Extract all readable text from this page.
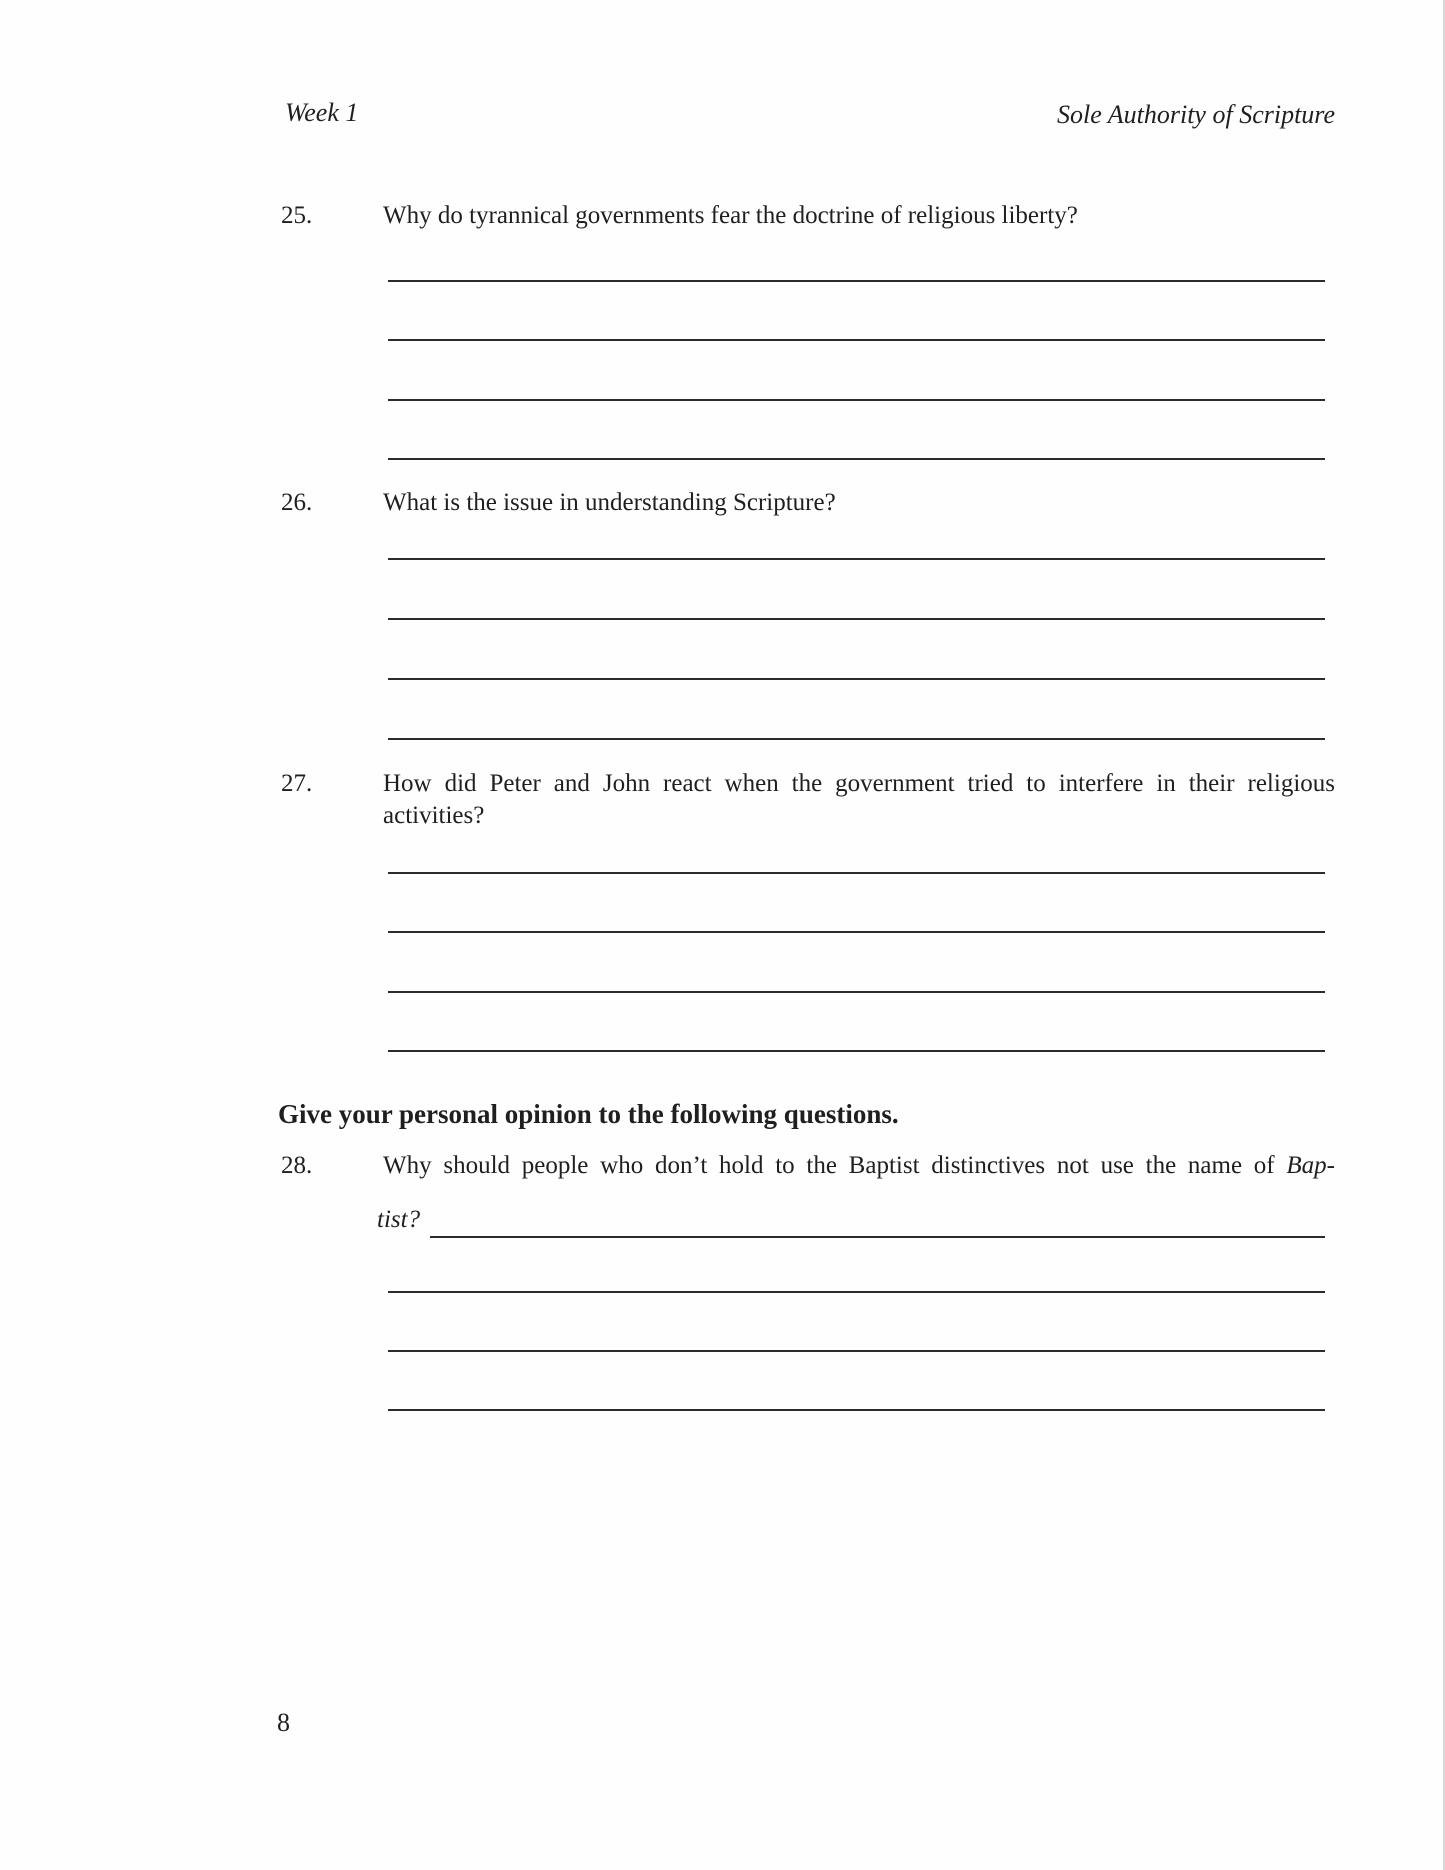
Week 1	Sole Authority of Scripture
25.	Why do tyrannical governments fear the doctrine of religious liberty?
26.	What is the issue in understanding Scripture?
27.	How did Peter and John react when the government tried to interfere in their religious activities?
Give your personal opinion to the following questions.
28.	Why should people who don’t hold to the Baptist distinctives not use the name of Bap-
tist?
8
